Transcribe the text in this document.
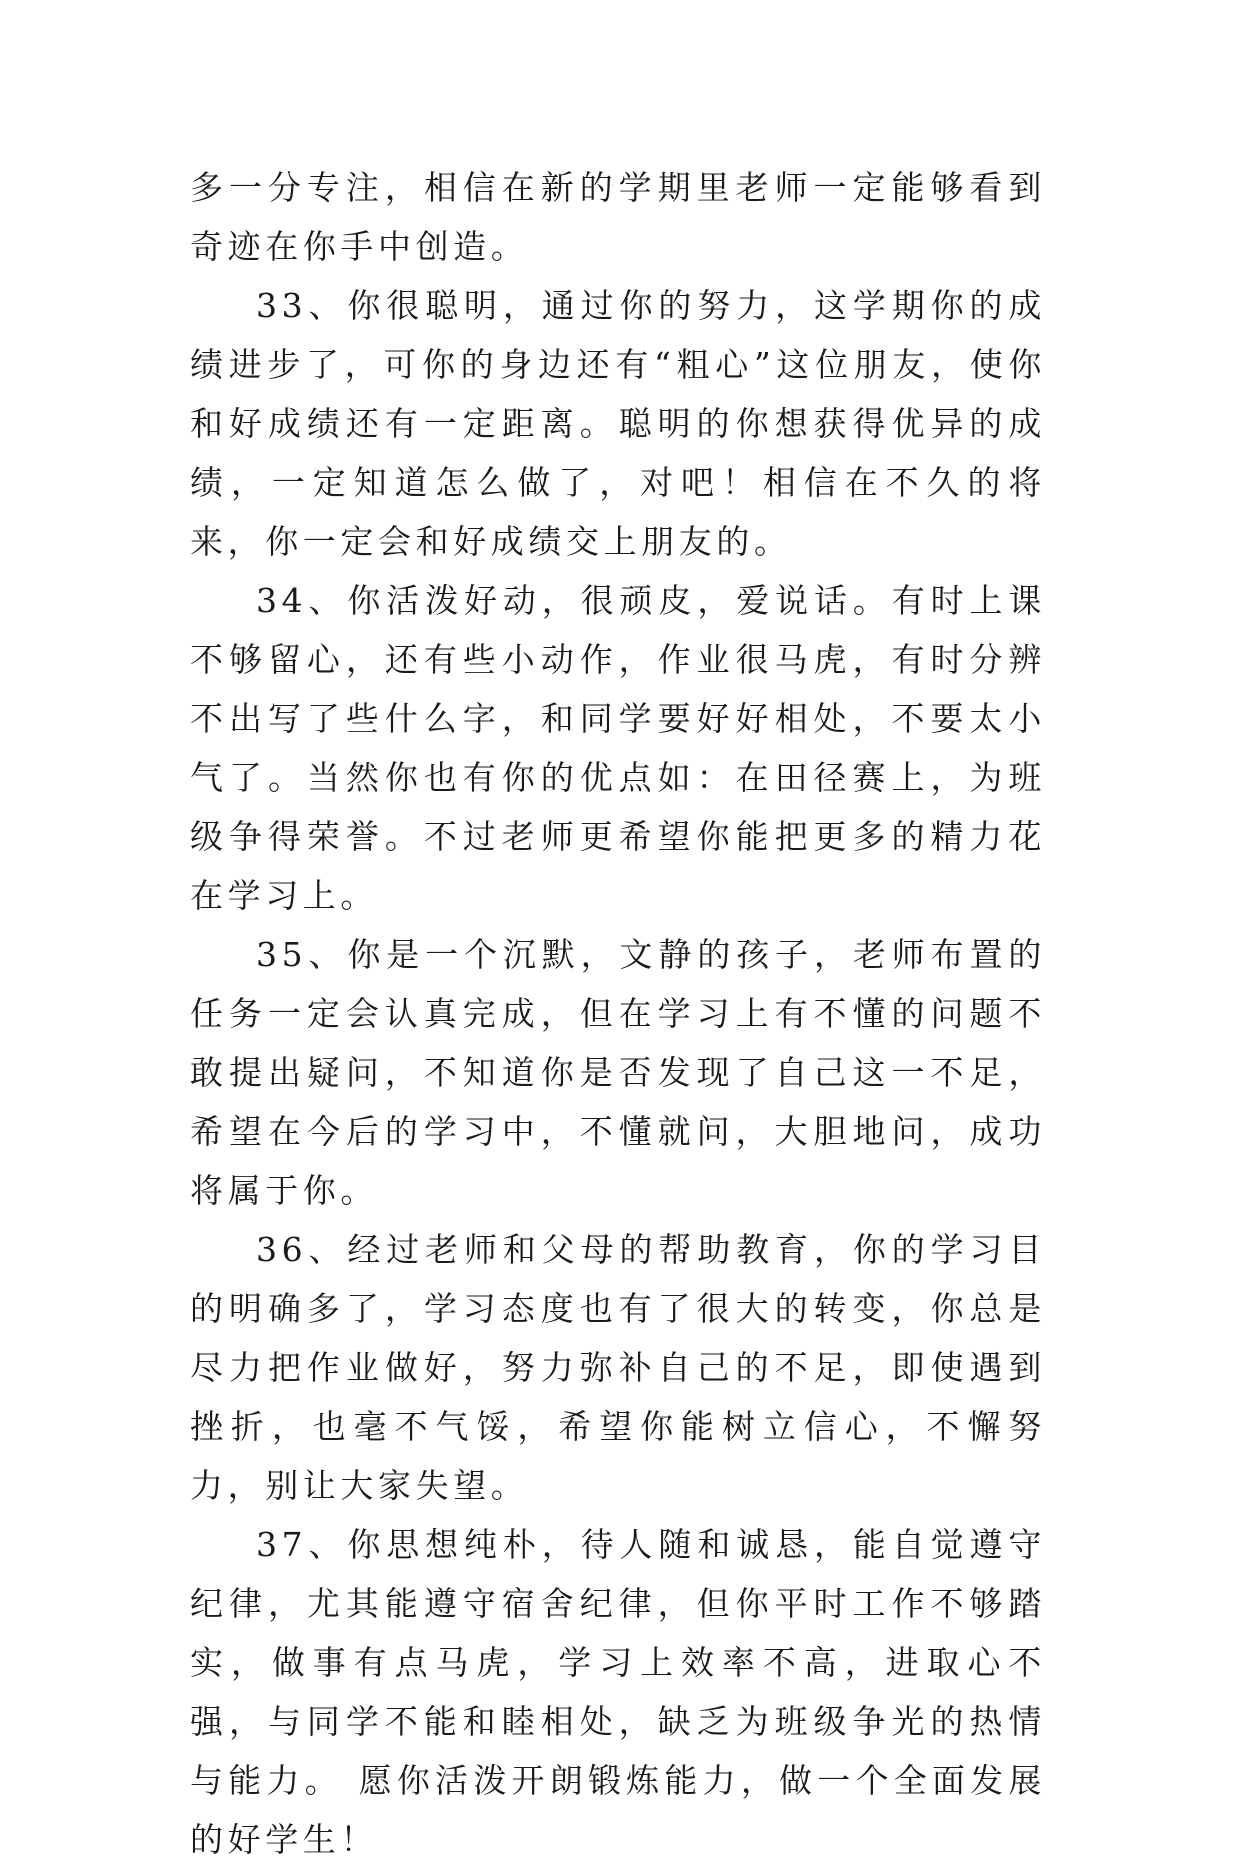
多一分专注，相信在新的学期里老师一定能够看到奇迹在你手中创造。

33、你很聪明，通过你的努力，这学期你的成绩进步了，可你的身边还有“粗心”这位朋友，使你和好成绩还有一定距离。聪明的你想获得优异的成绩，一定知道怎么做了，对吧！相信在不久的将来，你一定会和好成绩交上朋友的。

34、你活泼好动，很顽皮，爱说话。有时上课不够留心，还有些小动作，作业很马虎，有时分辨不出写了些什么字，和同学要好好相处，不要太小气了。当然你也有你的优点如：在田径赛上，为班级争得荣誉。不过老师更希望你能把更多的精力花在学习上。

35、你是一个沉默，文静的孩子，老师布置的任务一定会认真完成，但在学习上有不懂的问题不敢提出疑问，不知道你是否发现了自己这一不足，希望在今后的学习中，不懂就问，大胆地问，成功将属于你。

36、经过老师和父母的帮助教育，你的学习目的明确多了，学习态度也有了很大的转变，你总是尽力把作业做好，努力弥补自己的不足，即使遇到挫折，也毫不气馁，希望你能树立信心，不懈努力，别让大家失望。

37、你思想纯朴，待人随和诚恳，能自觉遵守纪律，尤其能遵守宿舍纪律，但你平时工作不够踏实，做事有点马虎，学习上效率不高，进取心不强，与同学不能和睦相处，缺乏为班级争光的热情与能力。 愿你活泼开朗锻炼能力，做一个全面发展的好学生！
